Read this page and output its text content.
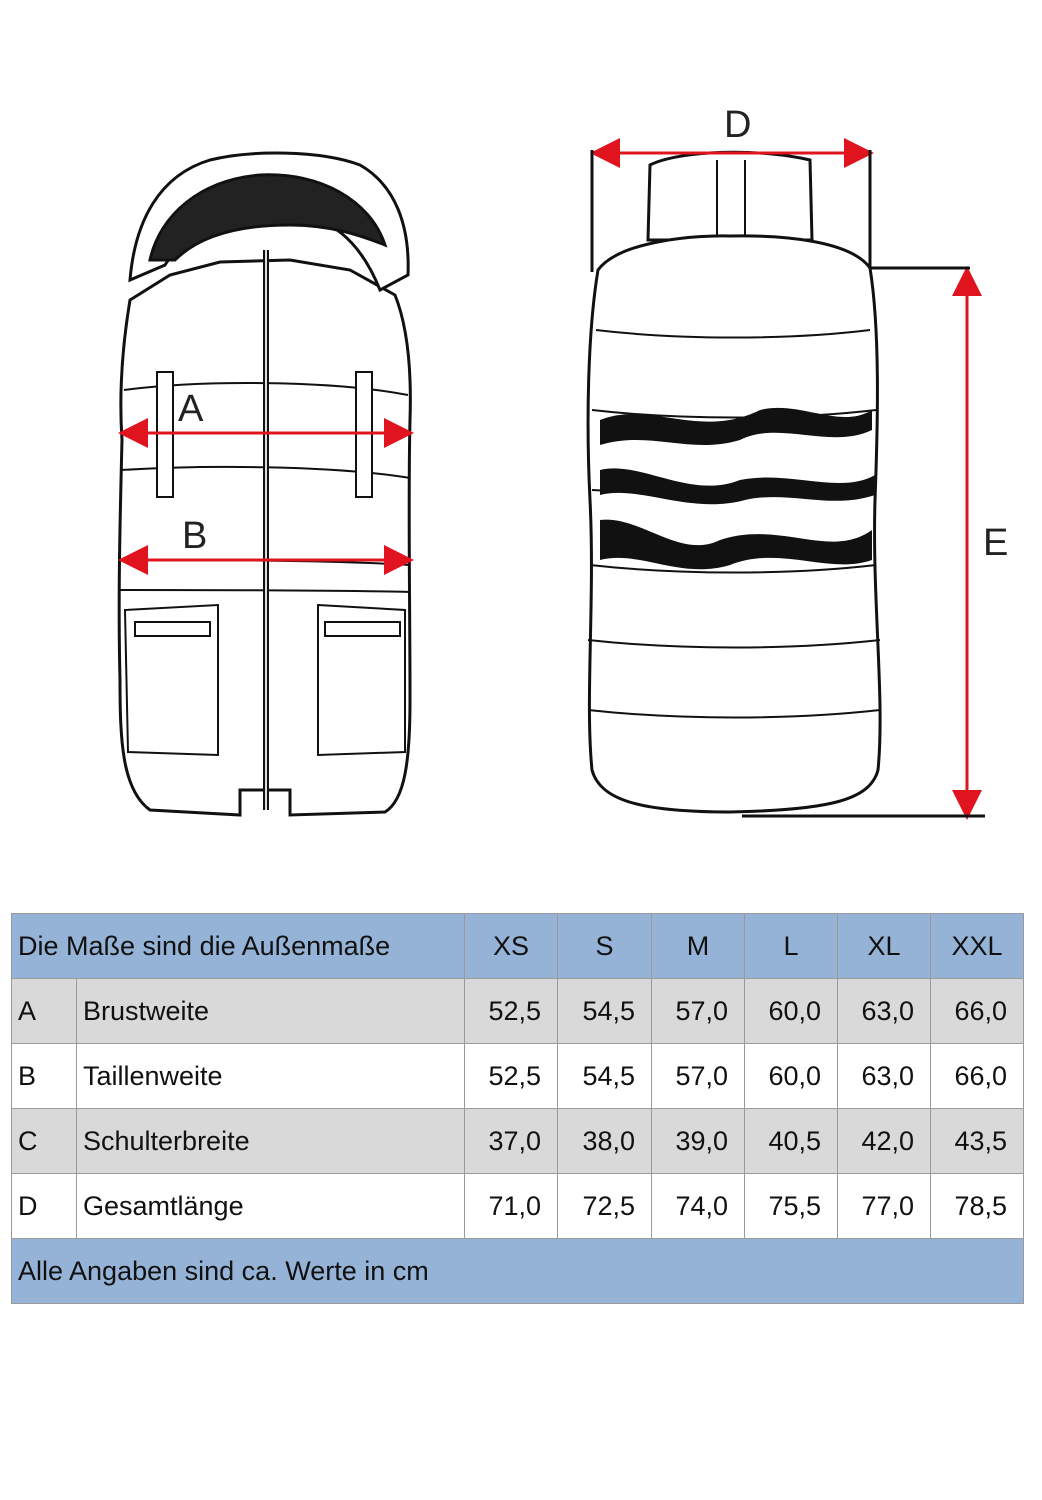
A
B
D
E
Die Maße sind die Außenmaße		XS	S	M	L	XL	XXL
A	Brustweite	52,5	54,5	57,0	60,0	63,0	66,0
B	Taillenweite	52,5	54,5	57,0	60,0	63,0	66,0
C	Schulterbreite	37,0	38,0	39,0	40,5	42,0	43,5
D	Gesamtlänge	71,0	72,5	74,0	75,5	77,0	78,5
Alle Angaben sind ca. Werte in cm							
